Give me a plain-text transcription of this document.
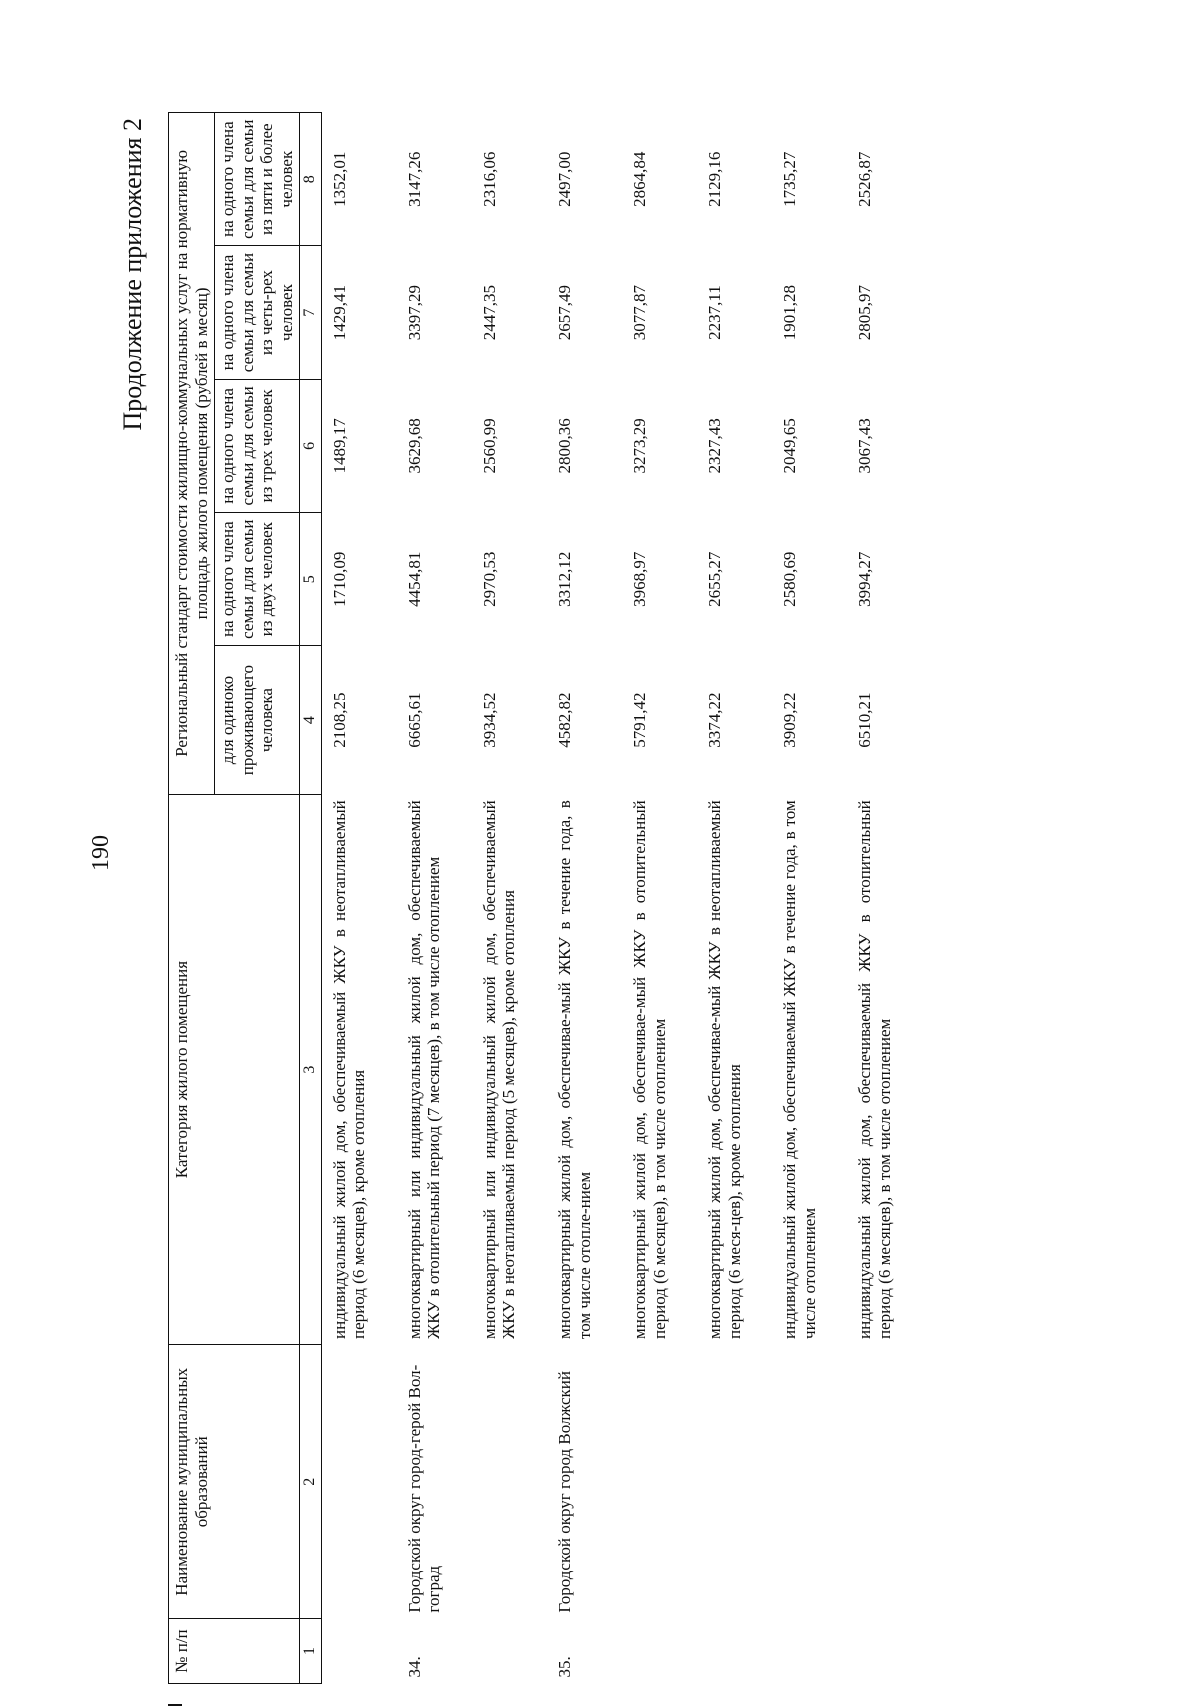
190
Продолжение приложения 2
№ п/п	Наименование муниципальных образований	Категория жилого помещения	Региональный стандарт стоимости жилищно-коммунальных услуг на нормативную площадь жилого помещения (рублей в месяц)				
			для одиноко проживающего человека	на одного члена семьи для семьи из двух человек	на одного члена семьи для семьи из трех человек	на одного члена семьи для семьи из четы-рех человек	на одного члена семьи для семьи из пяти и более человек
1	2	3	4	5	6	7	8
		индивидуальный жилой дом, обеспечиваемый ЖКУ в неотапливаемый период (6 месяцев), кроме отопления	2108,25	1710,09	1489,17	1429,41	1352,01
34.	Городской округ город-герой Вол-гоград	многоквартирный или индивидуальный жилой дом, обеспечиваемый ЖКУ в отопительный период (7 месяцев), в том числе отоплением	6665,61	4454,81	3629,68	3397,29	3147,26
		многоквартирный или индивидуальный жилой дом, обеспечиваемый ЖКУ в неотапливаемый период (5 месяцев), кроме отопления	3934,52	2970,53	2560,99	2447,35	2316,06
35.	Городской округ город Волжский	многоквартирный жилой дом, обеспечивае-мый ЖКУ в течение года, в том числе отопле-нием	4582,82	3312,12	2800,36	2657,49	2497,00
		многоквартирный жилой дом, обеспечивае-мый ЖКУ в отопительный период (6 месяцев), в том числе отоплением	5791,42	3968,97	3273,29	3077,87	2864,84
		многоквартирный жилой дом, обеспечивае-мый ЖКУ в неотапливаемый период (6 меся-цев), кроме отопления	3374,22	2655,27	2327,43	2237,11	2129,16
		индивидуальный жилой дом, обеспечиваемый ЖКУ в течение года, в том числе отоплением	3909,22	2580,69	2049,65	1901,28	1735,27
		индивидуальный жилой дом, обеспечиваемый ЖКУ в отопительный период (6 месяцев), в том числе отоплением	6510,21	3994,27	3067,43	2805,97	2526,87
